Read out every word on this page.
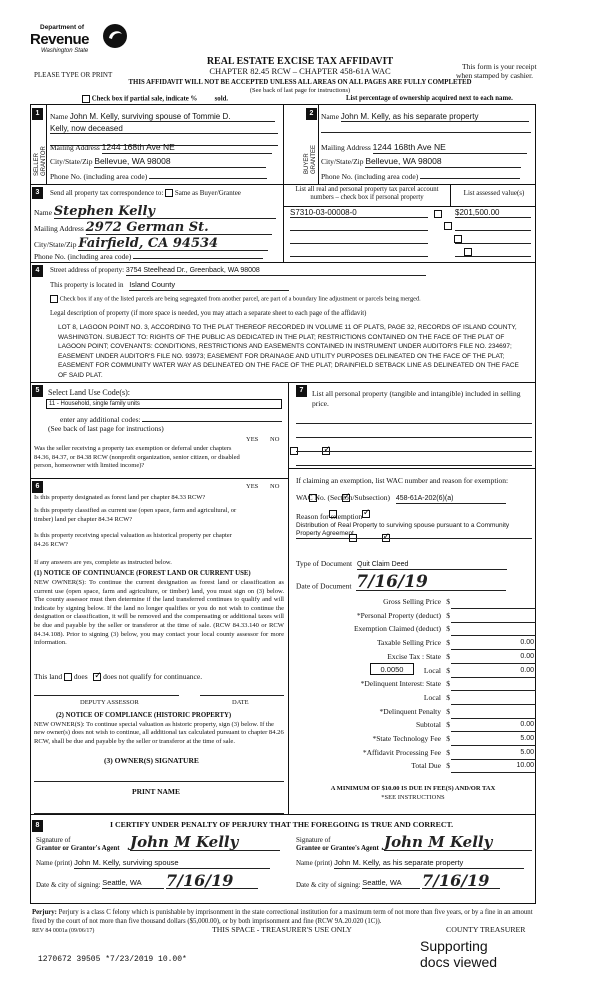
Department of
Revenue
Washington State
REAL ESTATE EXCISE TAX AFFIDAVIT
CHAPTER 82.45 RCW – CHAPTER 458-61A WAC
PLEASE TYPE OR PRINT
This form is your receipt
when stamped by cashier.
THIS AFFIDAVIT WILL NOT BE ACCEPTED UNLESS ALL AREAS ON ALL PAGES ARE FULLY COMPLETED
(See back of last page for instructions)
Check box if partial sale, indicate %	sold.	List percentage of ownership acquired next to each name.
1
SELLER GRANTOR
Name John M. Kelly, surviving spouse of Tommie D.
Kelly, now deceased
Mailing Address 1244 168th Ave NE
City/State/Zip Bellevue, WA 98008
Phone No. (including area code)
2
BUYER GRANTEE
Name John M. Kelly, as his separate property
Mailing Address 1244 168th Ave NE
City/State/Zip Bellevue, WA 98008
Phone No. (including area code)
3	Send all property tax correspondence to: Same as Buyer/Grantee
Name Stephen Kelly
Mailing Address 2972 German St.
City/State/Zip Fairfield, CA 94534
Phone No. (including area code)
List all real and personal property tax parcel account numbers – check box if personal property
List assessed value(s)
S7310-03-00008-0
	$201,500.00

4	Street address of property: 3754 Steelhead Dr., Greenback, WA 98008
This property is located in Island County
Check box if any of the listed parcels are being segregated from another parcel, are part of a boundary line adjustment or parcels being merged.
Legal description of property (if more space is needed, you may attach a separate sheet to each page of the affidavit)
LOT 8, LAGOON POINT NO. 3, ACCORDING TO THE PLAT THEREOF RECORDED IN VOLUME 11 OF PLATS, PAGE 32, RECORDS OF ISLAND COUNTY, WASHINGTON. SUBJECT TO: RIGHTS OF THE PUBLIC AS DEDICATED IN THE PLAT; RESTRICTIONS CONTAINED ON THE FACE OF THE PLAT OF LAGOON POINT; COVENANTS: CONDITIONS, RESTRICTIONS AND EASEMENTS CONTAINED IN INSTRUMENT UNDER AUDITOR'S FILE NO. 234697; EASEMENT UNDER AUDITOR'S FILE NO. 93973; EASEMENT FOR DRAINAGE AND UTILITY PURPOSES DELINEATED ON THE FACE OF THE PLAT; EASEMENT FOR COMMUNITY WATER WAY AS DELINEATED ON THE FACE OF THE PLAT; DRAINFIELD SETBACK LINE AS DELINEATED ON THE FACE OF SAID PLAT.
5	Select Land Use Code(s):
11 - Household, single family units
enter any additional codes:
(See back of last page for instructions)
YES NO
Was the seller receiving a property tax exemption or deferral under chapters 84.36, 84.37, or 84.38 RCW (nonprofit organization, senior citizen, or disabled person, homeowner with limited income)?
✓
6	YES NO
Is this property designated as forest land per chapter 84.33 RCW?
✓
Is this property classified as current use (open space, farm and agricultural, or timber) land per chapter 84.34 RCW?
✓
Is this property receiving special valuation as historical property per chapter 84.26 RCW?
✓
If any answers are yes, complete as instructed below.
(1) NOTICE OF CONTINUANCE (FOREST LAND OR CURRENT USE)
NEW OWNER(S): To continue the current designation as forest land or classification as current use (open space, farm and agriculture, or timber) land, you must sign on (3) below. The county assessor must then determine if the land transferred continues to qualify and will indicate by signing below. If the land no longer qualifies or you do not wish to continue the designation or classification, it will be removed and the compensating or additional taxes will be due and payable by the seller or transferor at the time of sale. (RCW 84.33.140 or RCW 84.34.108). Prior to signing (3) below, you may contact your local county assessor for more information.
This land does   ✓ does not qualify for continuance.
DEPUTY ASSESSOR	DATE
(2) NOTICE OF COMPLIANCE (HISTORIC PROPERTY)
NEW OWNER(S): To continue special valuation as historic property, sign (3) below. If the new owner(s) does not wish to continue, all additional tax calculated pursuant to chapter 84.26 RCW, shall be due and payable by the seller or transferor at the time of sale.
(3) OWNER(S) SIGNATURE
PRINT NAME
7	List all personal property (tangible and intangible) included in selling price.
If claiming an exemption, list WAC number and reason for exemption:
WAC No. (Section/Subsection) 458-61A-202(6)(a)
Reason for exemption
Distribution of Real Property to surviving spouse pursuant to a Community Property Agreement
Type of Document Quit Claim Deed
Date of Document 7/16/19
Gross Selling Price $
*Personal Property (deduct) $
Exemption Claimed (deduct) $
Taxable Selling Price $	0.00
Excise Tax : State $	0.00
Local $	0.00
*Delinquent Interest: State $
Local $
*Delinquent Penalty $
Subtotal $	0.00
*State Technology Fee $	5.00
*Affidavit Processing Fee $	5.00
Total Due $	10.00
0.0050
A MINIMUM OF $10.00 IS DUE IN FEE(S) AND/OR TAX
*SEE INSTRUCTIONS
8	I CERTIFY UNDER PENALTY OF PERJURY THAT THE FOREGOING IS TRUE AND CORRECT.
Signature of
Grantor or Grantor's Agent John M Kelly
Name (print) John M. Kelly, surviving spouse
Date & city of signing: Seattle, WA 7/16/19
Signature of
Grantee or Grantee's Agent John M Kelly
Name (print) John M. Kelly, as his separate property
Date & city of signing: Seattle, WA 7/16/19
Perjury: Perjury is a class C felony which is punishable by imprisonment in the state correctional institution for a maximum term of not more than five years, or by a fine in an amount fixed by the court of not more than five thousand dollars ($5,000.00), or by both imprisonment and fine (RCW 9A.20.020 (1C)).
REV 84 0001a (09/06/17)	THIS SPACE - TREASURER'S USE ONLY	COUNTY TREASURER
1270672 39505 *7/23/2019 10.00*
Supporting
docs viewed
